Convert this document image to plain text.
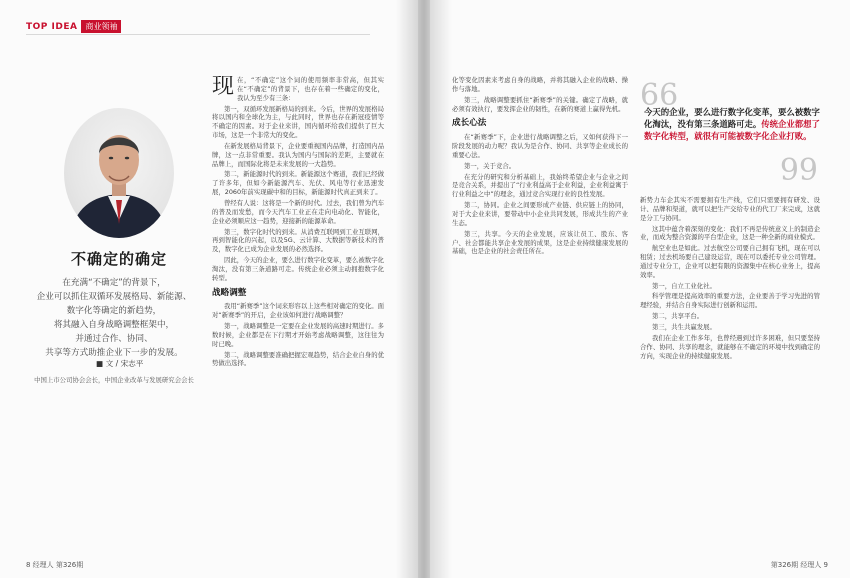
TOP IDEA	商业领袖
不确定的确定

在充满“不确定”的背景下，

企业可以抓住双循环发展格局、新能源、

数字化等确定的新趋势，

将其融入自身战略调整框架中，

并通过合作、协同、

共享等方式助推企业下一步的发展。

■ 文 / 宋志平
中国上市公司协会会长，中国企业改革与发展研究会会长
现 在，“不确定”这个词的使用频率非常高，但其实在“不确定”的背景下，也存在着一些确定的变化，我认为至少有三条：

第一，双循环发展新格局的到来。今后，世界的发展格局将以国内和全球化为主，与此同时，世界也存在新冠疫情等不确定的因素。对于企业来讲，国内循环给我们提供了巨大市场，这是一个非常大的变化。

在新发展格局背景下，企业要重视国内品牌，打造国内品牌，这一点非常重要。我认为国内与国际的差距，主要就在品牌上，而国际化将是未来发展的一大趋势。

第二，新能源时代的到来。新能源这个赛道，我们已经做了许多年，但如今新能源汽车、光伏、风电等行业迅速发展，2060年前实现碳中和的目标，新能源时代真正到来了。

曾经有人说：这将是一个新的时代。过去，我们曾为汽车的普及而发愁，而今天汽车工业正在走向电动化、智能化，企业必须顺应这一趋势，迎接新的能源革命。

第三，数字化时代的到来。从消费互联网到工业互联网，再到智能化的兴起，以及5G、云计算、大数据等新技术的普及，数字化已成为企业发展的必然选择。

因此，今天的企业，要么进行数字化变革，要么被数字化淘汰，没有第三条道路可走。传统企业必须主动拥抱数字化转型。

战略调整

我用“新赛季”这个词来形容以上这些相对确定的变化。面对“新赛季”的开启，企业该如何进行战略调整？

第一，战略调整是一定要在企业发展的高速时期进行。多数时候，企业都是在下行期才开始考虑战略调整，这往往为时已晚。

第二，战略调整要准确把握宏观趋势，结合企业自身的优势做出选择。

8 经理人 第326期

化等变化因素来考虑自身的战略，并将其融入企业的战略、操作与落地。

第三，战略调整要抓住“新赛季”的关键。确定了战略，就必须有效执行，要发挥企业的韧性，在新的赛道上赢得先机。

成长心法

在“新赛季”下，企业进行战略调整之后，又如何获得下一阶段发展的动力呢？我认为是合作、协同、共享等企业成长的重要心法。

第一，关于竞合。

在充分的研究和分析基础上，我始终希望企业与企业之间是竞合关系，并提出了“行业利益高于企业利益，企业利益寓于行业利益之中”的理念，通过竞合实现行业的良性发展。

第二，协同。企业之间要形成产业链、供应链上的协同，对于大企业来讲，要带动中小企业共同发展，形成共生的产业生态。

第三，共享。今天的企业发展，应该让员工、股东、客户、社会都能共享企业发展的成果，这是企业持续健康发展的基础，也是企业的社会责任所在。

新势力车企其实不需要拥有生产线，它们只需要拥有研发、设计、品牌和渠道，就可以把生产交给专业的代工厂来完成，这就是分工与协同。

这其中蕴含着深刻的变化：我们不再是传统意义上的制造企业，而成为整合资源的平台型企业，这是一种全新的商业模式。

航空业也是如此。过去航空公司要自己拥有飞机，现在可以租赁；过去机场要自己建设运营，现在可以委托专业公司管理。通过专业分工，企业可以把有限的资源集中在核心业务上，提高效率。

第一，自立工业化社。

科学管理是提高效率的重要方法，企业要善于学习先进的管理经验，并结合自身实际进行创新和运用。

第二，共享平台。

第三，共生共赢发展。

我们在企业工作多年，也曾经遇到过许多困难，但只要坚持合作、协同、共享的理念，就能够在不确定的环境中找到确定的方向，实现企业的持续健康发展。

第326期 经理人 9
66
今天的企业，要么进行数字化变革，要么被数字化淘汰，没有第三条道路可走。传统企业都想了数字化转型，就很有可能被数字化企业打败。
99
